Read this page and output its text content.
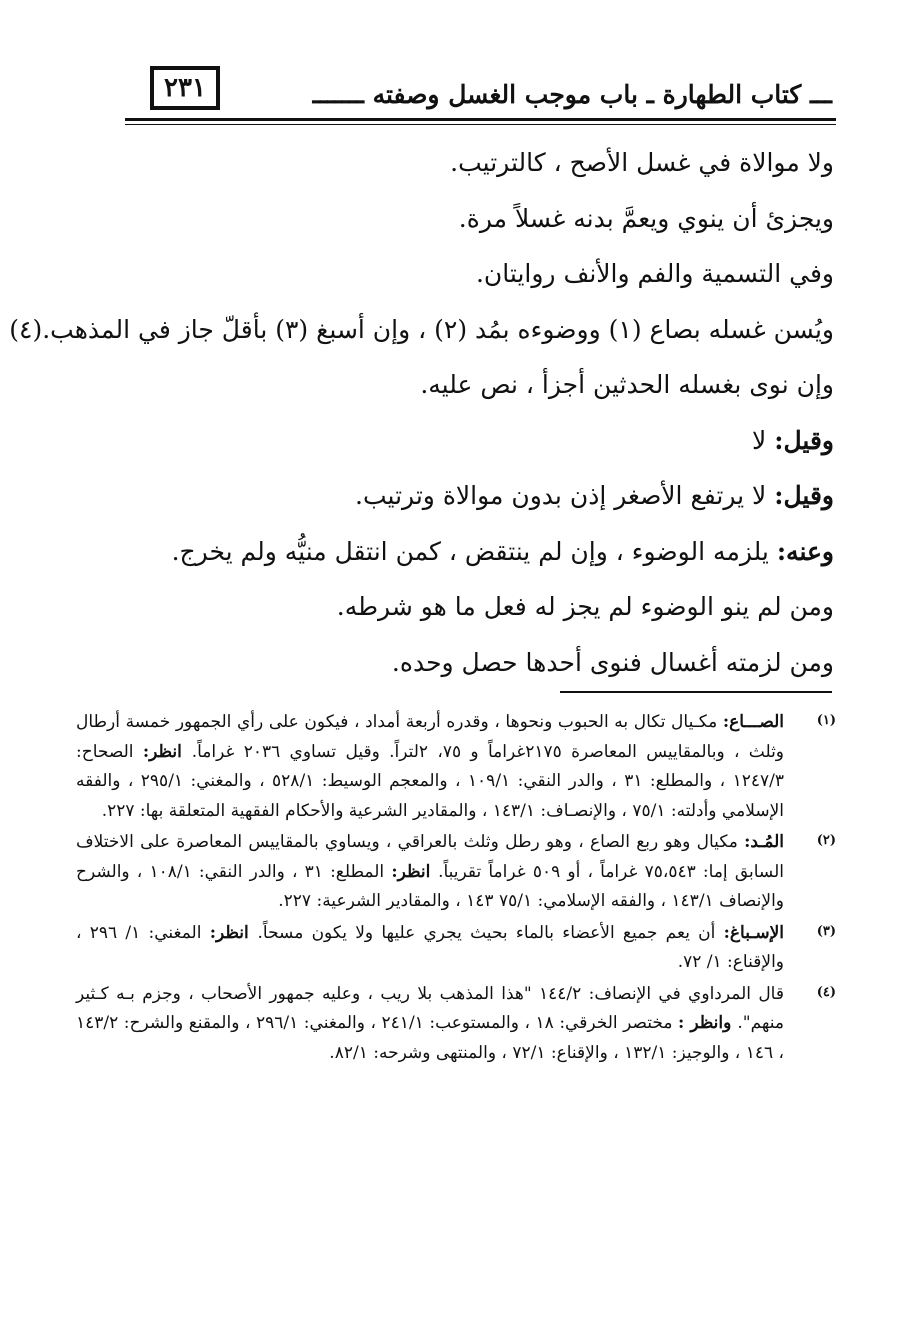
٢٣١	ـــ كتاب الطهارة ـ باب موجب الغسل وصفته ـــــــ
ولا موالاة في غسل الأصح ، كالترتيب.
ويجزئ أن ينوي ويعمَّ بدنه غسلاً مرة.
وفي التسمية والفم والأنف روايتان.
ويُسن غسله بصاع (١) ووضوءه بمُد (٢) ، وإن أسبغ (٣) بأقلّ جاز في المذهب.(٤)
وإن نوى بغسله الحدثين أجزأ ، نص عليه.
وقيل: لا
وقيل: لا يرتفع الأصغر إذن بدون موالاة وترتيب.
وعنه: يلزمه الوضوء ، وإن لم ينتقض ، كمن انتقل منيُّه ولم يخرج.
ومن لم ينو الوضوء لم يجز له فعل ما هو شرطه.
ومن لزمته أغسال فنوى أحدها حصل وحده.
(١)
الصـــاع: مكـيال تكال به الحبوب ونحوها ، وقدره أربعة أمداد ، فيكون على رأي الجمهور خمسة أرطال وثلث ، وبالمقاييس المعاصرة ٢١٧٥غراماً و ٧٥، ٢لتراً. وقيل تساوي ٢٠٣٦ غراماً. انظر: الصحاح: ١٢٤٧/٣ ، والمطلع: ٣١ ، والدر النقي: ١٠٩/١ ، والمعجم الوسيط: ٥٢٨/١ ، والمغني: ٢٩٥/١ ، والفقه الإسلامي وأدلته: ٧٥/١ ، والإنصـاف: ١٤٣/١ ، والمقادير الشرعية والأحكام الفقهية المتعلقة بها: ٢٢٧.
(٢)
المُـد: مكيال وهو ربع الصاع ، وهو رطل وثلث بالعراقي ، ويساوي بالمقاييس المعاصرة على الاختلاف السابق إما: ٧٥،٥٤٣ غراماً ، أو ٥٠٩ غراماً تقريباً. انظر: المطلع: ٣١ ، والدر النقي: ١٠٨/١ ، والشرح والإنصاف ١٤٣/١ ، والفقه الإسلامي: ٧٥/١ ١٤٣ ، والمقادير الشرعية: ٢٢٧.
(٣)
الإسـباغ: أن يعم جميع الأعضاء بالماء بحيث يجري عليها ولا يكون مسحاً. انظر: المغني: ١/ ٢٩٦ ، والإقناع: ١/ ٧٢.
(٤)
قال المرداوي في الإنصاف: ١٤٤/٢ "هذا المذهب بلا ريب ، وعليه جمهور الأصحاب ، وجزم بـه كـثير منهم". وانظر : مختصر الخرقي: ١٨ ، والمستوعب: ٢٤١/١ ، والمغني: ٢٩٦/١ ، والمقنع والشرح: ١٤٣/٢ ، ١٤٦ ، والوجيز: ١٣٢/١ ، والإقناع: ٧٢/١ ، والمنتهى وشرحه: ٨٢/١.
